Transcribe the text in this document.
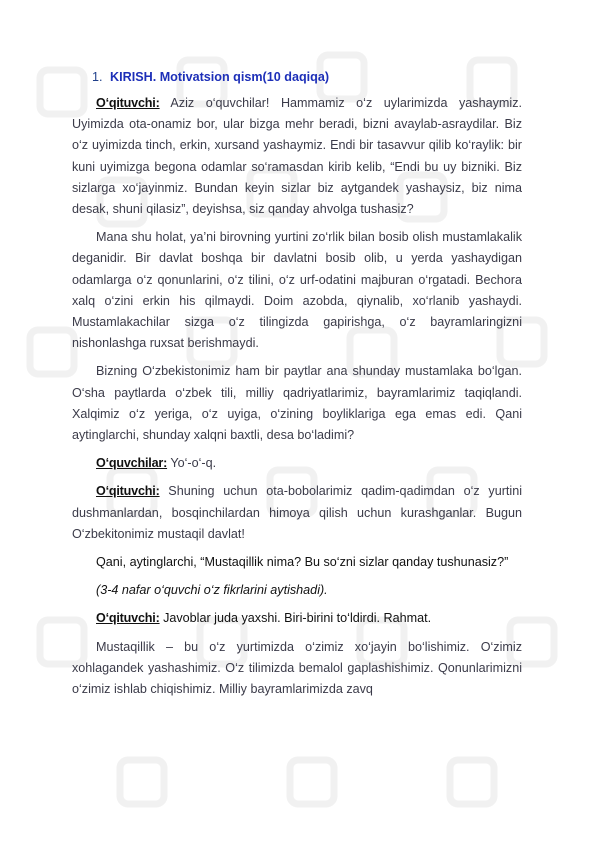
1. KIRISH. Motivatsion qism(10 daqiqa)

O‘qituvchi: Aziz o‘quvchilar! Hammamiz o‘z uylarimizda yashaymiz. Uyimizda ota-onamiz bor, ular bizga mehr beradi, bizni avaylab-asraydilar. Biz o‘z uyimizda tinch, erkin, xursand yashaymiz. Endi bir tasavvur qilib ko‘raylik: bir kuni uyimizga begona odamlar so‘ramasdan kirib kelib, “Endi bu uy bizniki. Biz sizlarga xo‘jayinmiz. Bundan keyin sizlar biz aytgandek yashaysiz, biz nima desak, shuni qilasiz”, deyishsa, siz qanday ahvolga tushasiz?

Mana shu holat, ya’ni birovning yurtini zo‘rlik bilan bosib olish mustamlakalik deganidir. Bir davlat boshqa bir davlatni bosib olib, u yerda yashaydigan odamlarga o‘z qonunlarini, o‘z tilini, o‘z urf-odatini majburan o‘rgatadi. Bechora xalq o‘zini erkin his qilmaydi. Doim azobda, qiynalib, xo‘rlanib yashaydi. Mustamlakachilar sizga o‘z tilingizda gapirishga, o‘z bayramlaringizni nishonlashga ruxsat berishmaydi.

Bizning O‘zbekistonimiz ham bir paytlar ana shunday mustamlaka bo‘lgan. O‘sha paytlarda o‘zbek tili, milliy qadriyatlarimiz, bayramlarimiz taqiqlandi. Xalqimiz o‘z yeriga, o‘z uyiga, o‘zining boyliklariga ega emas edi. Qani aytinglarchi, shunday xalqni baxtli, desa bo‘ladimi?

O‘quvchilar: Yo‘-o‘-q.

O‘qituvchi: Shuning uchun ota-bobolarimiz qadim-qadimdan o‘z yurtini dushmanlardan, bosqinchilardan himoya qilish uchun kurashganlar. Bugun O‘zbekitonimiz mustaqil davlat!

Qani, aytinglarchi, “Mustaqillik nima? Bu so‘zni sizlar qanday tushunasiz?”

(3-4 nafar o‘quvchi o‘z fikrlarini aytishadi).

O‘qituvchi: Javoblar juda yaxshi. Biri-birini to‘ldirdi. Rahmat.

Mustaqillik – bu o‘z yurtimizda o‘zimiz xo‘jayin bo‘lishimiz. O‘zimiz xohlagandek yashashimiz. O‘z tilimizda bemalol gaplashishimiz. Qonunlarimizni o‘zimiz ishlab chiqishimiz. Milliy bayramlarimizda zavq
